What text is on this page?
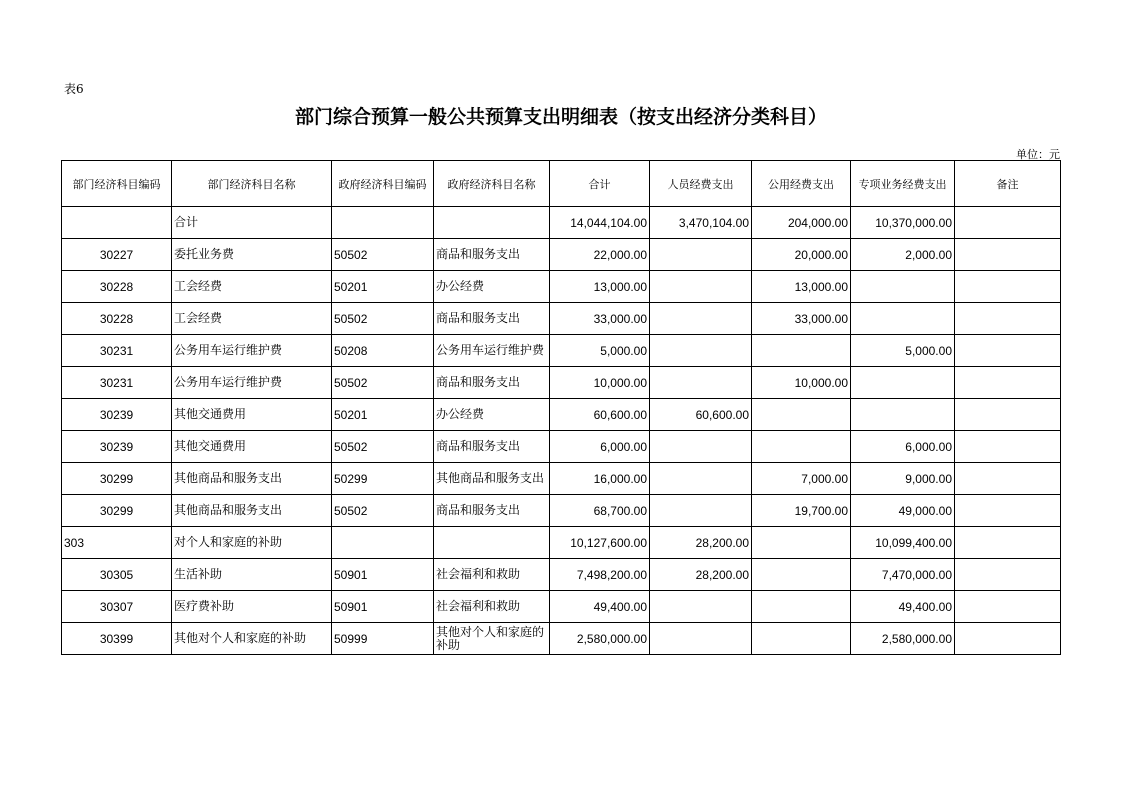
表6
部门综合预算一般公共预算支出明细表（按支出经济分类科目）
单位：元
部门经济科目编码	部门经济科目名称	政府经济科目编码	政府经济科目名称	合计	人员经费支出	公用经费支出	专项业务经费支出	备注
	合计			14,044,104.00	3,470,104.00	204,000.00	10,370,000.00	
30227	委托业务费	50502	商品和服务支出	22,000.00		20,000.00	2,000.00	
30228	工会经费	50201	办公经费	13,000.00		13,000.00		
30228	工会经费	50502	商品和服务支出	33,000.00		33,000.00		
30231	公务用车运行维护费	50208	公务用车运行维护费	5,000.00			5,000.00	
30231	公务用车运行维护费	50502	商品和服务支出	10,000.00		10,000.00		
30239	其他交通费用	50201	办公经费	60,600.00	60,600.00			
30239	其他交通费用	50502	商品和服务支出	6,000.00			6,000.00	
30299	其他商品和服务支出	50299	其他商品和服务支出	16,000.00		7,000.00	9,000.00	
30299	其他商品和服务支出	50502	商品和服务支出	68,700.00		19,700.00	49,000.00	
303	对个人和家庭的补助			10,127,600.00	28,200.00		10,099,400.00	
30305	生活补助	50901	社会福利和救助	7,498,200.00	28,200.00		7,470,000.00	
30307	医疗费补助	50901	社会福利和救助	49,400.00			49,400.00	
30399	其他对个人和家庭的补助	50999	其他对个人和家庭的补助	2,580,000.00			2,580,000.00	
